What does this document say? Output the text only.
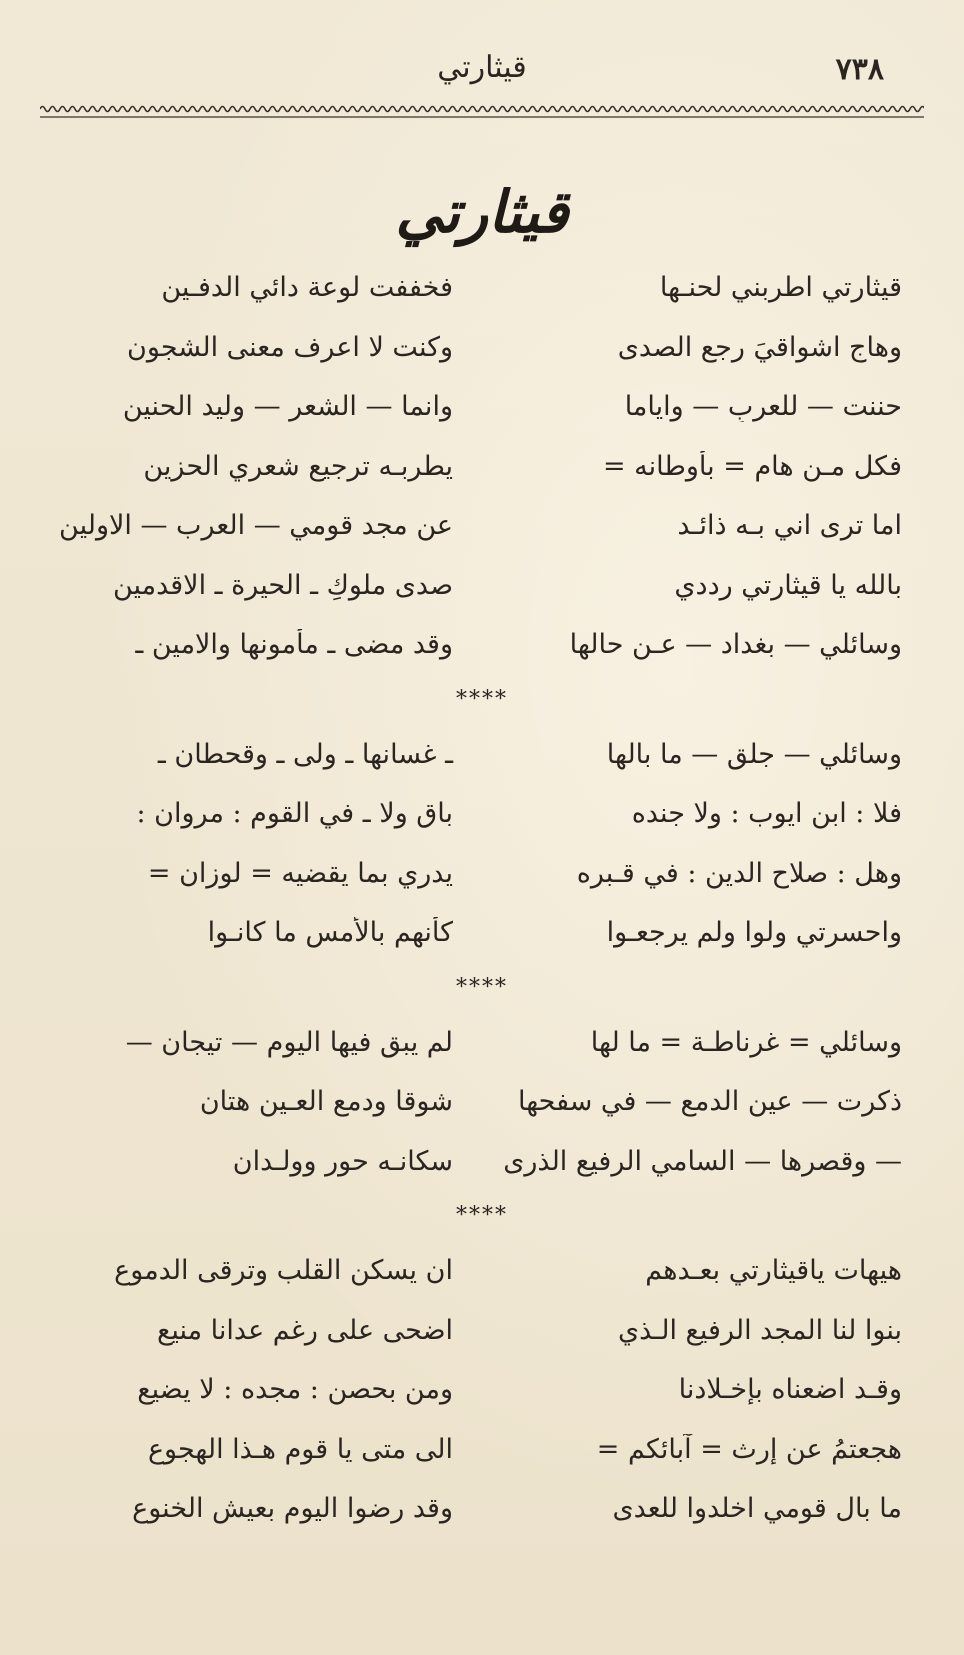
قيثارتي	٧٣٨
قيثارتي
قيثارتي اطربني لحنـها
فخففت لوعة دائي الدفـين
وهاج اشواقيَ رجع الصدى
وكنت لا اعرف معنى الشجون
حننت — للعربِ — واياما
وانما — الشعر — وليد الحنين
فكل مـن هام = بأوطانه =
يطربـه ترجيع شعري الحزين
اما ترى اني بـه ذائـد
عن مجد قومي — العرب — الاولين
بالله يا قيثارتي رددي
صدى ملوكِ ـ الحيرة ـ الاقدمين
وسائلي — بغداد — عـن حالها
وقد مضى ـ مأمونها والامين ـ
****
وسائلي — جلق — ما بالها
ـ غسانها ـ ولى ـ وقحطان ـ
فلا : ابن ايوب : ولا جنده
باق ولا ـ في القوم : مروان :
وهل : صلاح الدين : في قـبره
يدري بما يقضيه = لوزان =
واحسرتي ولوا ولم يرجعـوا
كأنهم بالأمس ما كانـوا
****
وسائلي = غرناطـة = ما لها
لم يبق فيها اليوم — تيجان —
ذكرت — عين الدمع — في سفحها
شوقا ودمع العـين هتان
— وقصرها — السامي الرفيع الذرى
سكانـه حور وولـدان
****
هيهات ياقيثارتي بعـدهم
ان يسكن القلب وترقى الدموع
بنوا لنا المجد الرفيع الـذي
اضحى على رغم عدانا منيع
وقـد اضعناه بإخـلادنا
ومن بحصن : مجده : لا يضيع
هجعتمُ عن إرث = آبائكم =
الى متى يا قوم هـذا الهجوع
ما بال قومي اخلدوا للعدى
وقد رضوا اليوم بعيش الخنوع
